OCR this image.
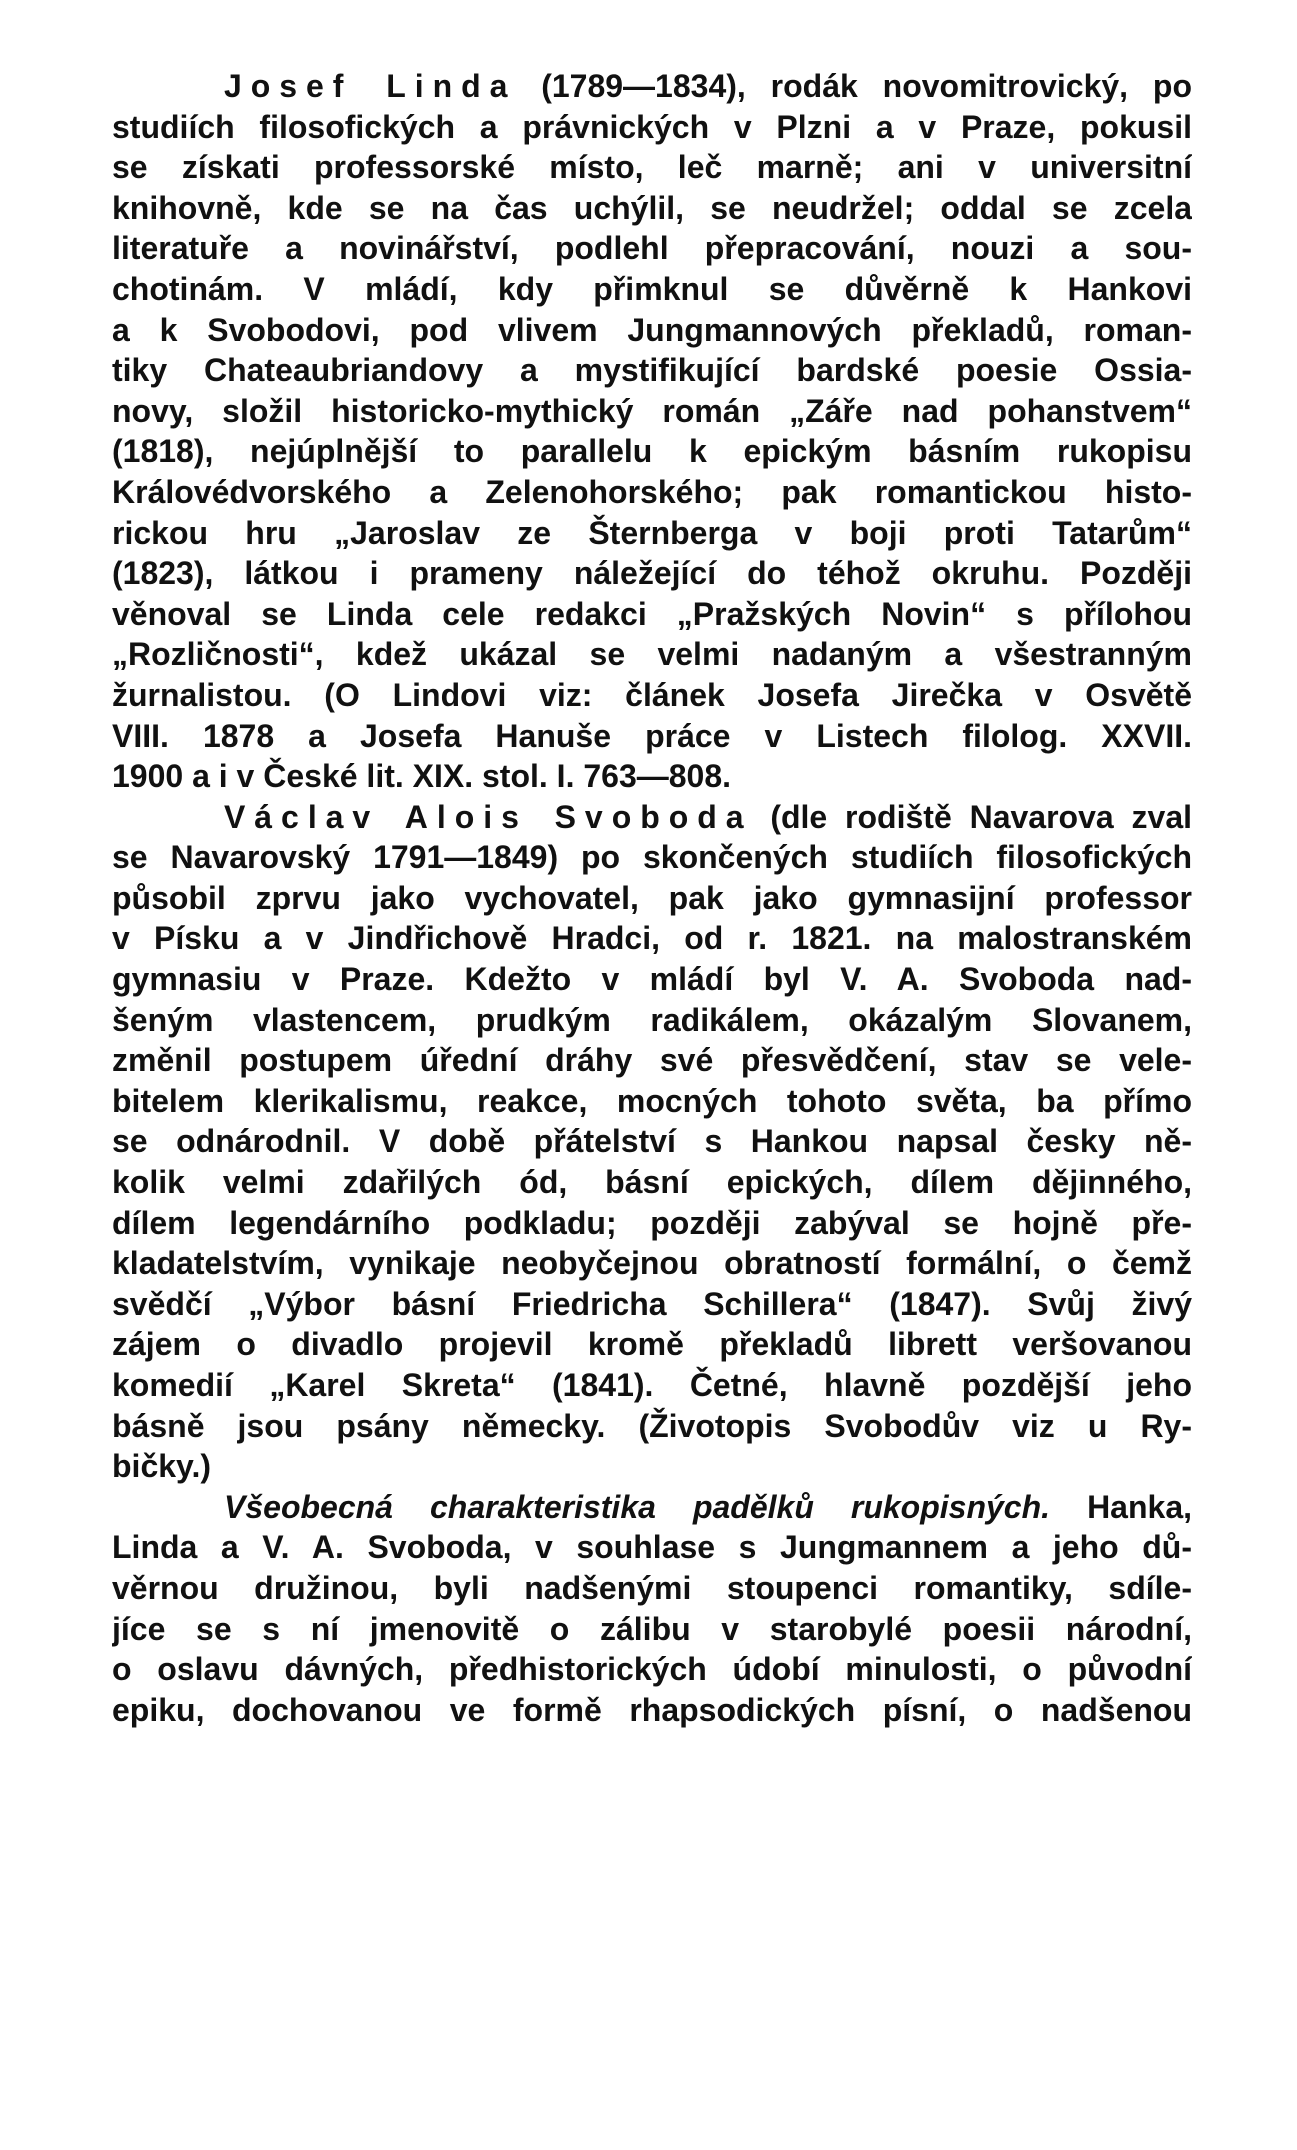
Josef Linda (1789—1834), rodák novomitrovický, po
studiích filosofických a právnických v Plzni a v Praze, pokusil
se získati professorské místo, leč marně; ani v universitní
knihovně, kde se na čas uchýlil, se neudržel; oddal se zcela
literatuře a novinářství, podlehl přepracování, nouzi a sou-
chotinám. V mládí, kdy přimknul se důvěrně k Hankovi
a k Svobodovi, pod vlivem Jungmannových překladů, roman-
tiky Chateaubriandovy a mystifikující bardské poesie Ossia-
novy, složil historicko-mythický román „Záře nad pohanstvem“
(1818), nejúplnější to parallelu k epickým básním rukopisu
Královédvorského a Zelenohorského; pak romantickou histo-
rickou hru „Jaroslav ze Šternberga v boji proti Tatarům“
(1823), látkou i prameny náležející do téhož okruhu. Později
věnoval se Linda cele redakci „Pražských Novin“ s přílohou
„Rozličnosti“, kdež ukázal se velmi nadaným a všestranným
žurnalistou. (O Lindovi viz: článek Josefa Jirečka v Osvětě
VIII. 1878 a Josefa Hanuše práce v Listech filolog. XXVII.
1900 a i v České lit. XIX. stol. I. 763—808.
Václav Alois Svoboda (dle rodiště Navarova zval
se Navarovský 1791—1849) po skončených studiích filosofických
působil zprvu jako vychovatel, pak jako gymnasijní professor
v Písku a v Jindřichově Hradci, od r. 1821. na malostranském
gymnasiu v Praze. Kdežto v mládí byl V. A. Svoboda nad-
šeným vlastencem, prudkým radikálem, okázalým Slovanem,
změnil postupem úřední dráhy své přesvědčení, stav se vele-
bitelem klerikalismu, reakce, mocných tohoto světa, ba přímo
se odnárodnil. V době přátelství s Hankou napsal česky ně-
kolik velmi zdařilých ód, básní epických, dílem dějinného,
dílem legendárního podkladu; později zabýval se hojně pře-
kladatelstvím, vynikaje neobyčejnou obratností formální, o čemž
svědčí „Výbor básní Friedricha Schillera“ (1847). Svůj živý
zájem o divadlo projevil kromě překladů librett veršovanou
komedií „Karel Skreta“ (1841). Četné, hlavně pozdější jeho
básně jsou psány německy. (Životopis Svobodův viz u Ry-
bičky.)
Všeobecná charakteristika padělků rukopisných. Hanka,
Linda a V. A. Svoboda, v souhlase s Jungmannem a jeho dů-
věrnou družinou, byli nadšenými stoupenci romantiky, sdíle-
jíce se s ní jmenovitě o zálibu v starobylé poesii národní,
o oslavu dávných, předhistorických údobí minulosti, o původní
epiku, dochovanou ve formě rhapsodických písní, o nadšenou
